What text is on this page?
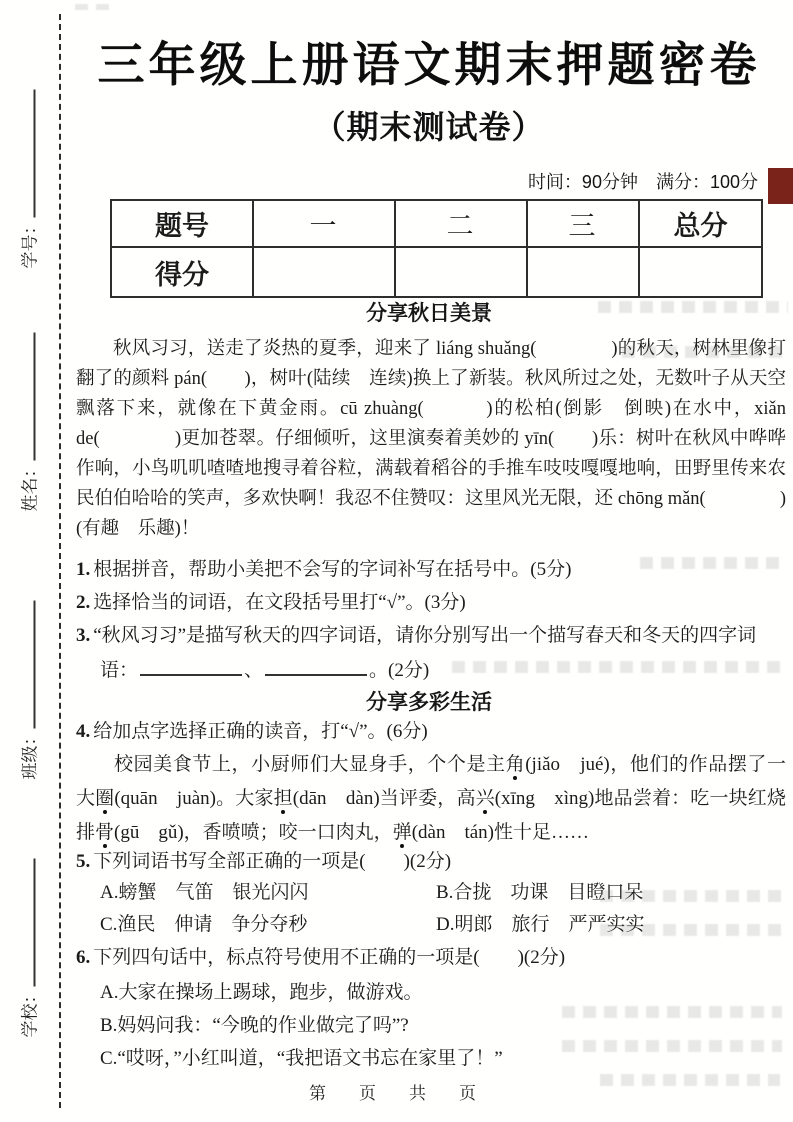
学号：
姓名：
班级：
学校：
三年级上册语文期末押题密卷
（期末测试卷）
时间：90分钟　满分：100分
题号	一	二	三	总分
得分				
分享秋日美景

秋风习习，送走了炎热的夏季，迎来了 liáng shuǎng(　　　　)的秋天，树林里像打翻了的颜料 pán(　　)，树叶(陆续　连续)换上了新装。秋风所过之处，无数叶子从天空飘落下来，就像在下黄金雨。cū zhuàng(　　　)的松柏(倒影　倒映)在水中，xiǎn de(　　　　)更加苍翠。仔细倾听，这里演奏着美妙的 yīn(　　)乐：树叶在秋风中哗哗作响，小鸟叽叽喳喳地搜寻着谷粒，满载着稻谷的手推车吱吱嘎嘎地响，田野里传来农民伯伯哈哈的笑声，多欢快啊！我忍不住赞叹：这里风光无限，还 chōng mǎn(　　　　)(有趣　乐趣)！

1. 根据拼音，帮助小美把不会写的字词补写在括号中。(5分)
2. 选择恰当的词语，在文段括号里打“√”。(3分)
3. “秋风习习”是描写秋天的四字词语，请你分别写出一个描写春天和冬天的四字词
语：	、	。(2分)
分享多彩生活
4. 给加点字选择正确的读音，打“√”。(6分)

校园美食节上，小厨师们大显身手，个个是主角(jiǎo　jué)，他们的作品摆了一大圈(quān　juàn)。大家担(dān　dàn)当评委，高兴(xīng　xìng)地品尝着：吃一块红烧排骨(gū　gǔ)，香喷喷；咬一口肉丸，弹(dàn　tán)性十足……

5. 下列词语书写全部正确的一项是(　　)(2分)
A.螃蟹　气笛　银光闪闪	B.合拢　功课　目瞪口呆
C.渔民　伸请　争分夺秒	D.明郎　旅行　严严实实
6. 下列四句话中，标点符号使用不正确的一项是(　　)(2分)
A.大家在操场上踢球，跑步，做游戏。
B.妈妈问我：“今晚的作业做完了吗”?
C.“哎呀，”小红叫道，“我把语文书忘在家里了！”
第　页　共　页
